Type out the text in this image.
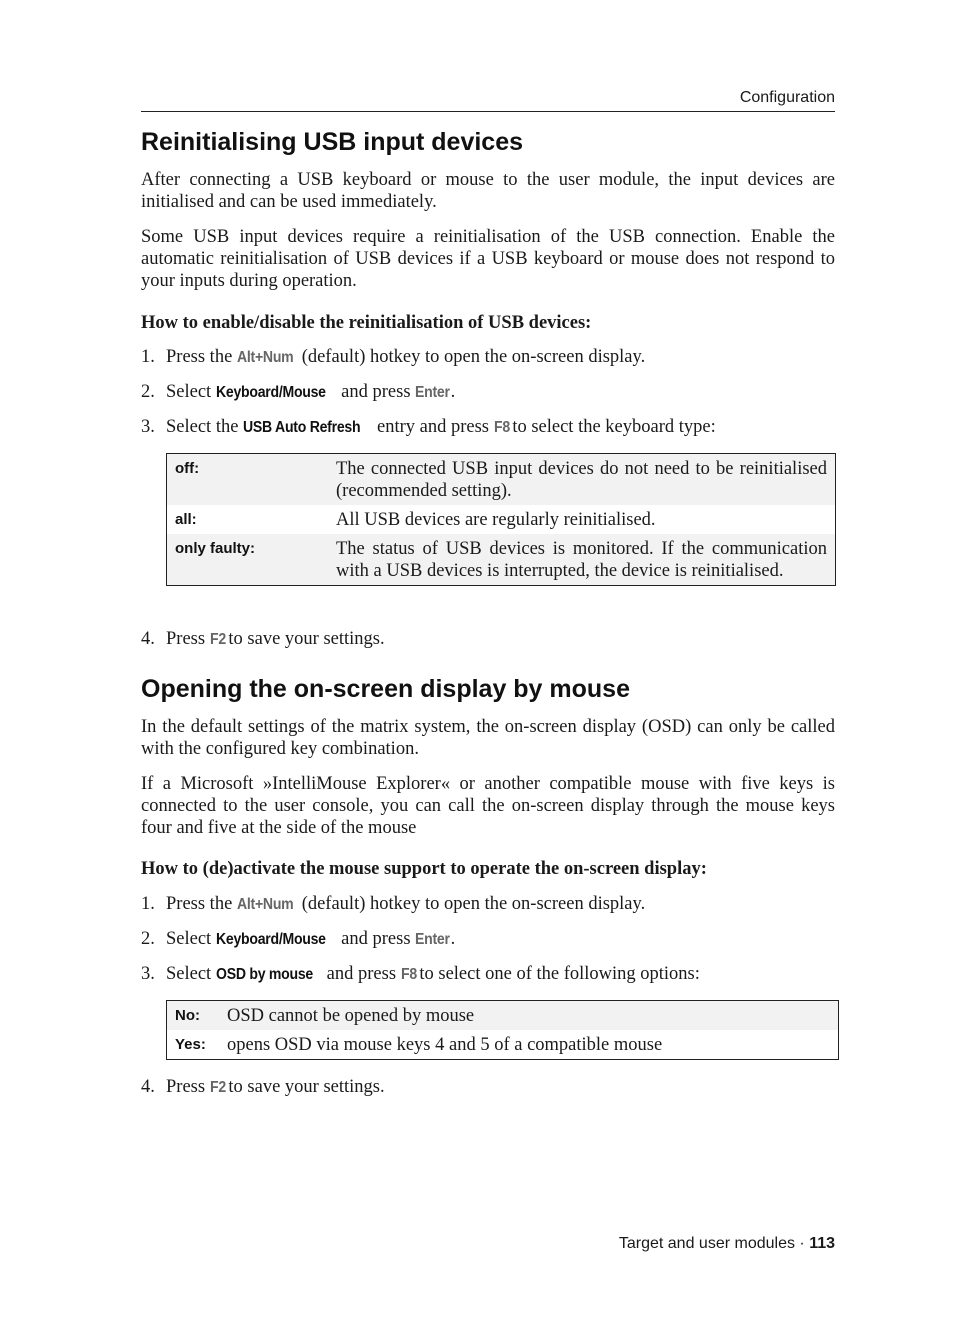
Configuration
Reinitialising USB input devices

After connecting a USB keyboard or mouse to the user module, the input devices are initialised and can be used immediately.

Some USB input devices require a reinitialisation of the USB connection. Enable the automatic reinitialisation of USB devices if a USB keyboard or mouse does not respond to your inputs during operation.

How to enable/disable the reinitialisation of USB devices:

1. Press the Alt+Num (default) hotkey to open the on-screen display.
2. Select Keyboard/Mouse and press Enter.
3. Select the USB Auto Refresh entry and press F8 to select the keyboard type:
off:	The connected USB input devices do not need to be reinitialised (recommended setting).
all:	All USB devices are regularly reinitialised.
only faulty:	The status of USB devices is monitored. If the communication with a USB devices is interrupted, the device is reinitialised.
4. Press F2 to save your settings.
Opening the on-screen display by mouse

In the default settings of the matrix system, the on-screen display (OSD) can only be called with the configured key combination.

If a Microsoft »IntelliMouse Explorer« or another compatible mouse with five keys is connected to the user console, you can call the on-screen display through the mouse keys four and five at the side of the mouse

How to (de)activate the mouse support to operate the on-screen display:

1. Press the Alt+Num (default) hotkey to open the on-screen display.
2. Select Keyboard/Mouse and press Enter.
3. Select OSD by mouse and press F8 to select one of the following options:
No:	OSD cannot be opened by mouse
Yes:	opens OSD via mouse keys 4 and 5 of a compatible mouse
4. Press F2 to save your settings.
Target and user modules · 113
